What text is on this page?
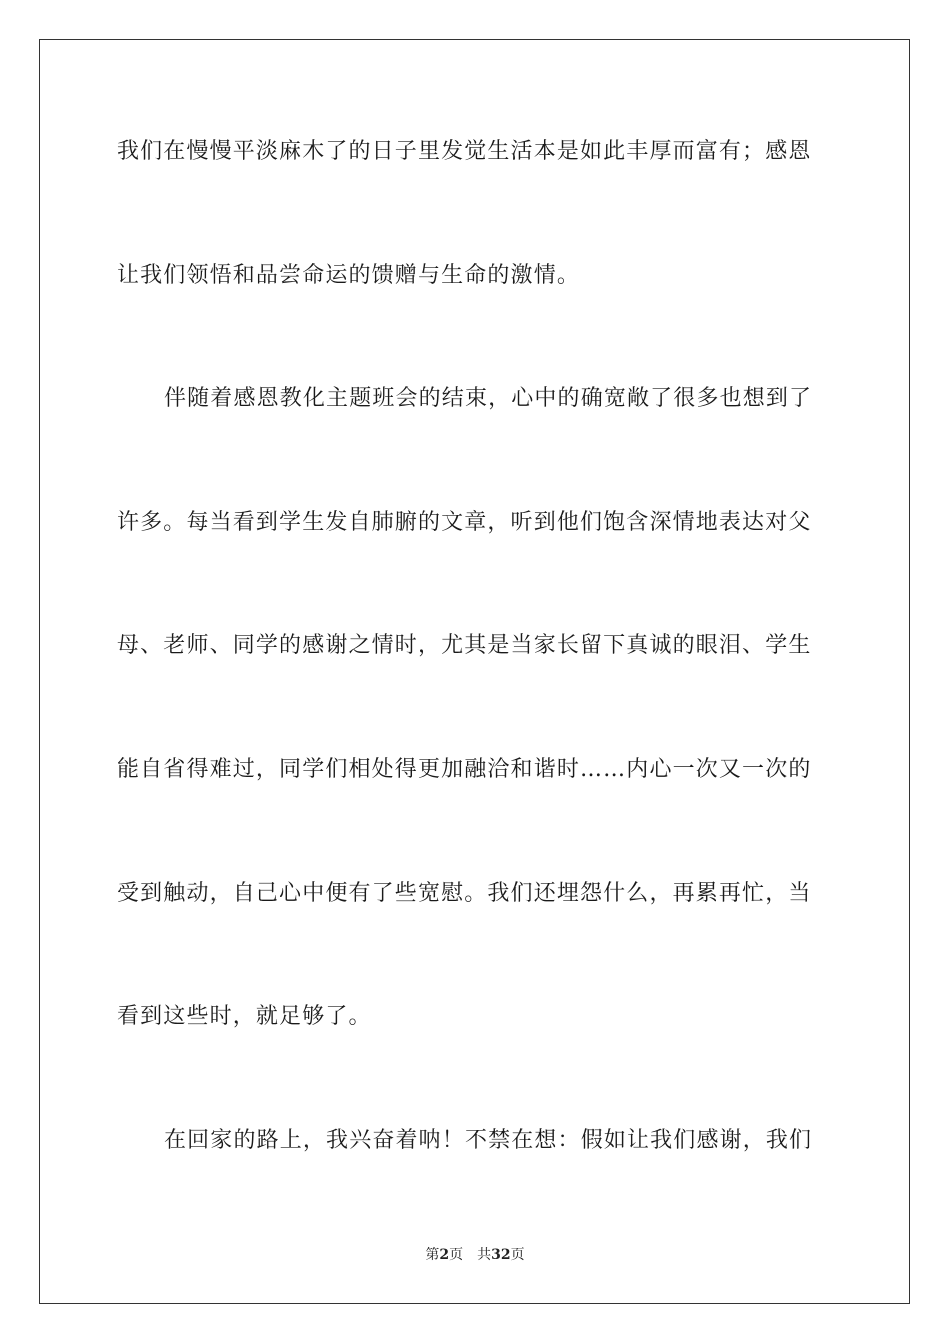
我们在慢慢平淡麻木了的日子里发觉生活本是如此丰厚而富有；感恩
让我们领悟和品尝命运的馈赠与生命的激情。
伴随着感恩教化主题班会的结束，心中的确宽敞了很多也想到了
许多。每当看到学生发自肺腑的文章，听到他们饱含深情地表达对父
母、老师、同学的感谢之情时，尤其是当家长留下真诚的眼泪、学生
能自省得难过，同学们相处得更加融洽和谐时……内心一次又一次的
受到触动，自己心中便有了些宽慰。我们还埋怨什么，再累再忙，当
看到这些时，就足够了。
在回家的路上，我兴奋着呐！不禁在想：假如让我们感谢，我们
第2页 共32页
